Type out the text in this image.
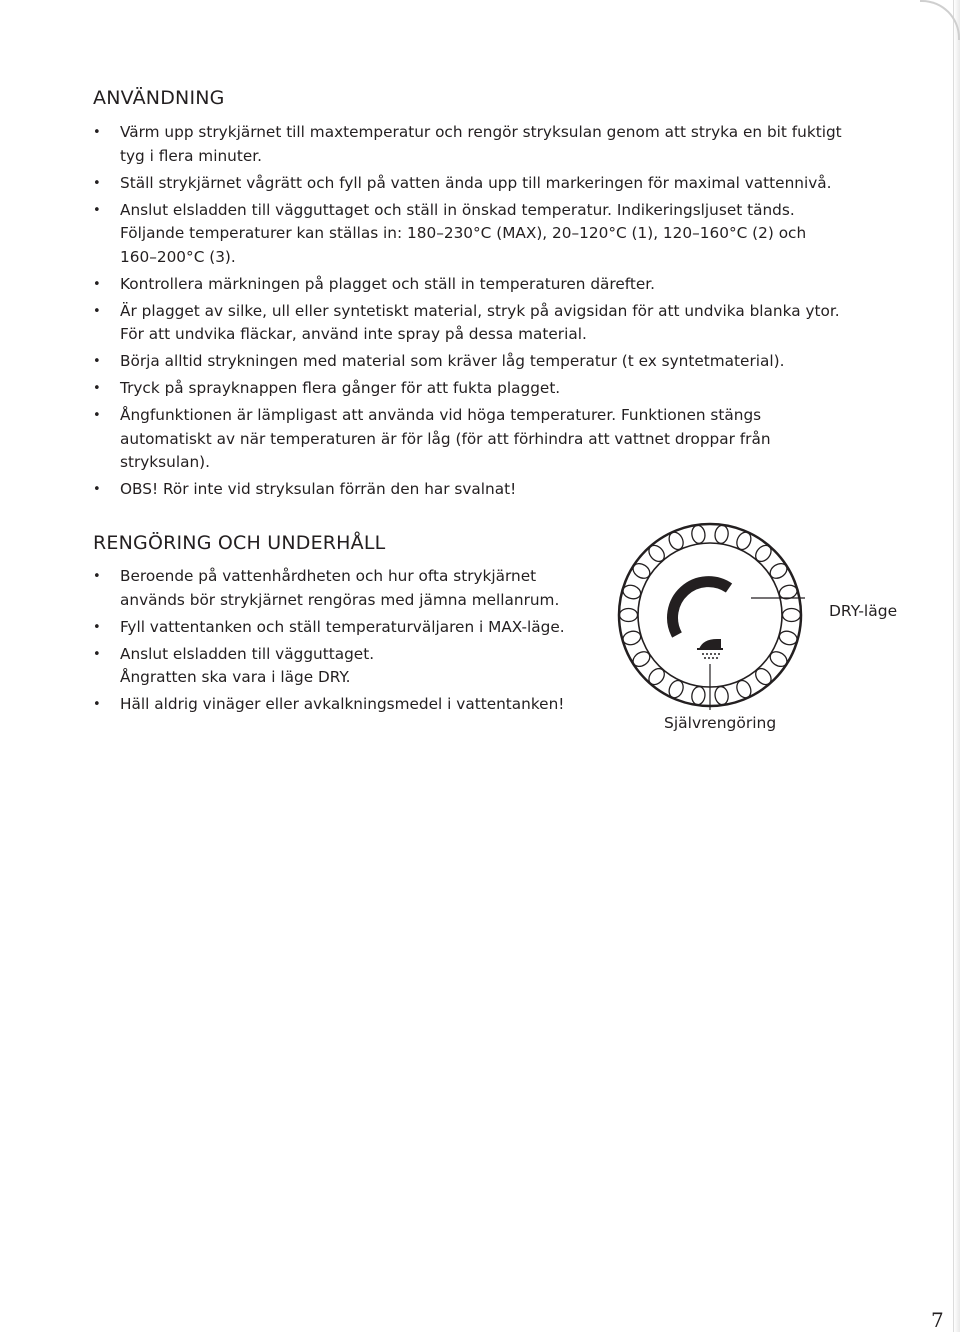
ANVÄNDNING
• Värm upp strykjärnet till maxtemperatur och rengör stryksulan genom att stryka en bit fuktigt
tyg i flera minuter.
• Ställ strykjärnet vågrätt och fyll på vatten ända upp till markeringen för maximal vattennivå.
• Anslut elsladden till vägguttaget och ställ in önskad temperatur. Indikeringsljuset tänds.
Följande temperaturer kan ställas in: 180–230°C (MAX), 20–120°C (1), 120–160°C (2) och
160–200°C (3).
• Kontrollera märkningen på plagget och ställ in temperaturen därefter.
• Är plagget av silke, ull eller syntetiskt material, stryk på avigsidan för att undvika blanka ytor.
För att undvika fläckar, använd inte spray på dessa material.
• Börja alltid strykningen med material som kräver låg temperatur (t ex syntetmaterial).
• Tryck på sprayknappen flera gånger för att fukta plagget.
• Ångfunktionen är lämpligast att använda vid höga temperaturer. Funktionen stängs
automatiskt av när temperaturen är för låg (för att förhindra att vattnet droppar från
stryksulan).
• OBS! Rör inte vid stryksulan förrän den har svalnat!
RENGÖRING OCH UNDERHÅLL
• Beroende på vattenhårdheten och hur ofta strykjärnet
används bör strykjärnet rengöras med jämna mellanrum.
• Fyll vattentanken och ställ temperaturväljaren i MAX-läge.
• Anslut elsladden till vägguttaget.
Ångratten ska vara i läge DRY.
• Häll aldrig vinäger eller avkalkningsmedel i vattentanken!
DRY-läge
Självrengöring
7
